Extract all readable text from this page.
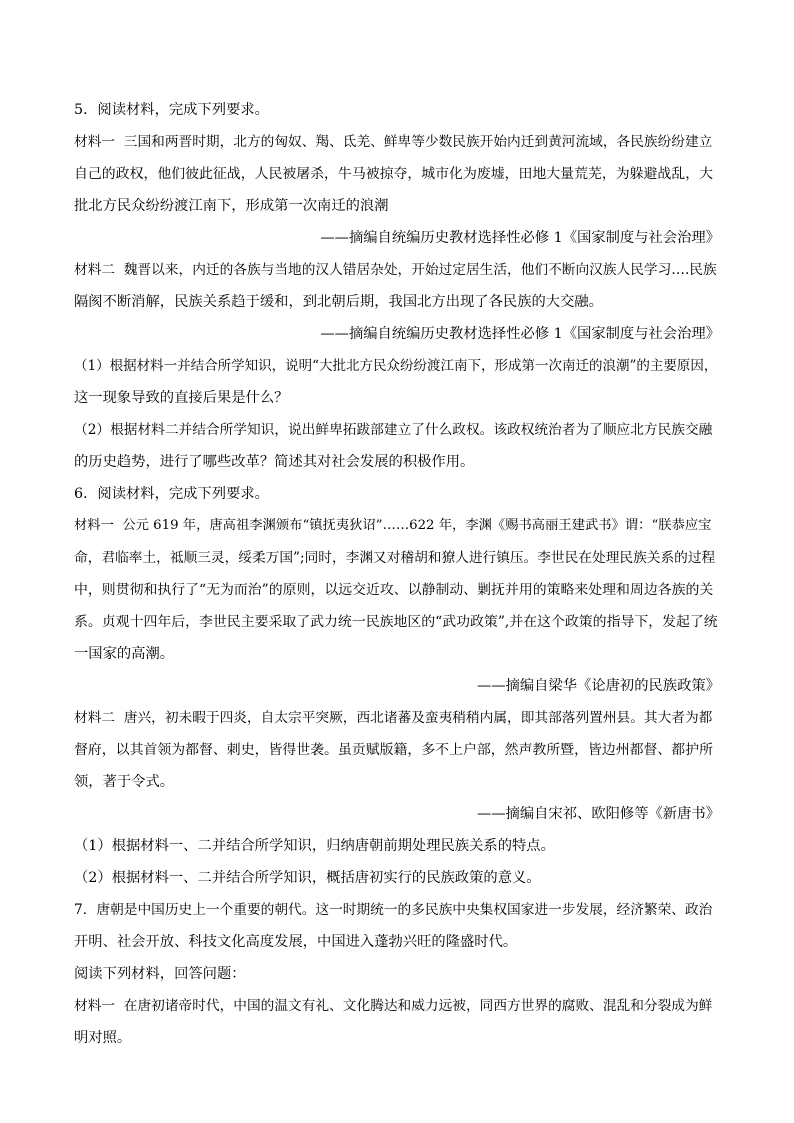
5．阅读材料，完成下列要求。
材料一  三国和两晋时期，北方的匈奴、羯、氐羌、鲜卑等少数民族开始内迁到黄河流域，各民族纷纷建立
自己的政权，他们彼此征战，人民被屠杀，牛马被掠夺，城市化为废墟，田地大量荒芜，为躲避战乱，大
批北方民众纷纷渡江南下，形成第一次南迁的浪潮
——摘编自统编历史教材选择性必修 1《国家制度与社会治理》
材料二  魏晋以来，内迁的各族与当地的汉人错居杂处，开始过定居生活，他们不断向汉族人民学习….民族
隔阂不断消解，民族关系趋于缓和，到北朝后期，我国北方出现了各民族的大交融。
——摘编自统编历史教材选择性必修 1《国家制度与社会治理》
（1）根据材料一并结合所学知识，说明“大批北方民众纷纷渡江南下，形成第一次南迁的浪潮”的主要原因，
这一现象导致的直接后果是什么？
（2）根据材料二并结合所学知识，说出鲜卑拓跋部建立了什么政权。该政权统治者为了顺应北方民族交融
的历史趋势，进行了哪些改革？简述其对社会发展的积极作用。
6．阅读材料，完成下列要求。
材料一  公元 619 年，唐高祖李渊颁布“镇抚夷狄诏”……622 年，李渊《赐书高丽王建武书》谓：“朕恭应宝
命，君临率土，祗顺三灵，绥柔万国”;同时，李渊又对稽胡和獠人进行镇压。李世民在处理民族关系的过程
中，则贯彻和执行了“无为而治”的原则，以远交近攻、以静制动、剿抚并用的策略来处理和周边各族的关
系。贞观十四年后，李世民主要采取了武力统一民族地区的“武功政策”,并在这个政策的指导下，发起了统
一国家的高潮。
——摘编自梁华《论唐初的民族政策》
材料二  唐兴，初未暇于四炎，自太宗平突厥，西北诸蕃及蛮夷稍稍内属，即其部落列置州县。其大者为都
督府，以其首领为都督、刺史，皆得世袭。虽贡赋版籍，多不上户部，然声教所暨，皆边州都督、都护所
领，著于令式。
——摘编自宋祁、欧阳修等《新唐书》
（1）根据材料一、二并结合所学知识，归纳唐朝前期处理民族关系的特点。
（2）根据材料一、二并结合所学知识，概括唐初实行的民族政策的意义。
7．唐朝是中国历史上一个重要的朝代。这一时期统一的多民族中央集权国家进一步发展，经济繁荣、政治
开明、社会开放、科技文化高度发展，中国进入蓬勃兴旺的隆盛时代。
阅读下列材料，回答问题：
材料一  在唐初诸帝时代，中国的温文有礼、文化腾达和威力远被，同西方世界的腐败、混乱和分裂成为鲜
明对照。
